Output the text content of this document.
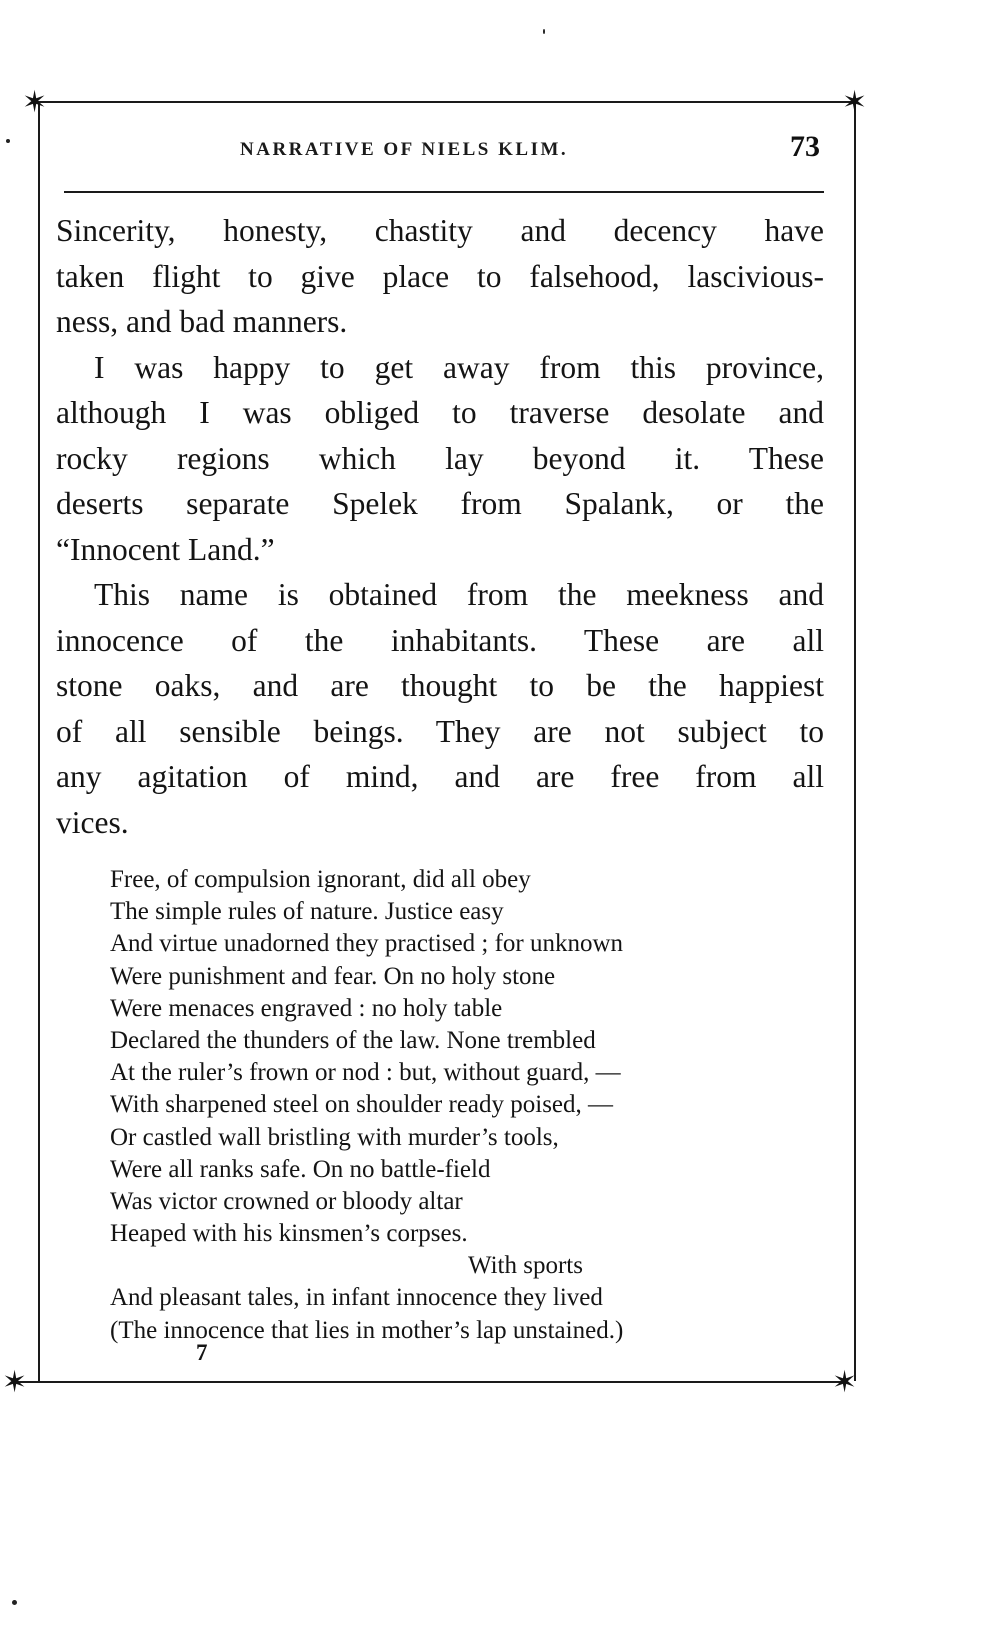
✶	✶
✶	✶
NARRATIVE OF NIELS KLIM.	73
Sincerity, honesty, chastity and decency have
taken flight to give place to falsehood, lascivious-
ness, and bad manners.
I was happy to get away from this province,
although I was obliged to traverse desolate and
rocky regions which lay beyond it. These
deserts separate Spelek from Spalank, or the
“Innocent Land.”
This name is obtained from the meekness and
innocence of the inhabitants. These are all
stone oaks, and are thought to be the happiest
of all sensible beings. They are not subject to
any agitation of mind, and are free from all
vices.
Free, of compulsion ignorant, did all obey
The simple rules of nature. Justice easy
And virtue unadorned they practised ; for unknown
Were punishment and fear. On no holy stone
Were menaces engraved : no holy table
Declared the thunders of the law. None trembled
At the ruler’s frown or nod : but, without guard, —
With sharpened steel on shoulder ready poised, —
Or castled wall bristling with murder’s tools,
Were all ranks safe. On no battle-field
Was victor crowned or bloody altar
Heaped with his kinsmen’s corpses.
With sports
And pleasant tales, in infant innocence they lived
(The innocence that lies in mother’s lap unstained.)
7
